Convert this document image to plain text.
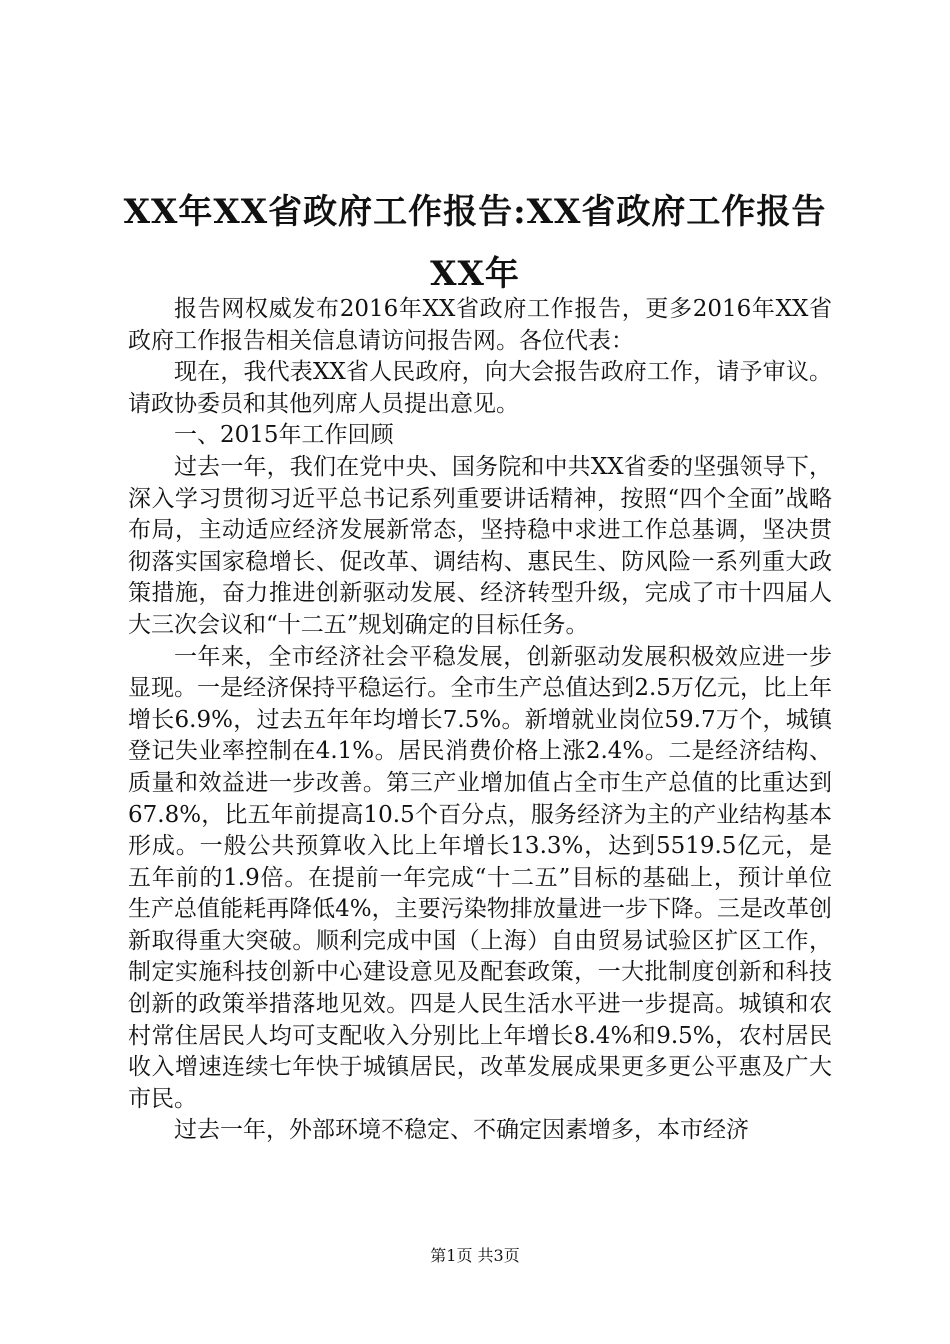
XX年XX省政府工作报告:XX省政府工作报告
XX年

报告网权威发布2016年XX省政府工作报告，更多2016年XX省政府工作报告相关信息请访问报告网。各位代表：

现在，我代表XX省人民政府，向大会报告政府工作，请予审议。请政协委员和其他列席人员提出意见。

一、2015年工作回顾

过去一年，我们在党中央、国务院和中共XX省委的坚强领导下，深入学习贯彻习近平总书记系列重要讲话精神，按照“四个全面”战略布局，主动适应经济发展新常态，坚持稳中求进工作总基调，坚决贯彻落实国家稳增长、促改革、调结构、惠民生、防风险一系列重大政策措施，奋力推进创新驱动发展、经济转型升级，完成了市十四届人大三次会议和“十二五”规划确定的目标任务。

一年来，全市经济社会平稳发展，创新驱动发展积极效应进一步显现。一是经济保持平稳运行。全市生产总值达到2.5万亿元，比上年增长6.9%，过去五年年均增长7.5%。新增就业岗位59.7万个，城镇登记失业率控制在4.1%。居民消费价格上涨2.4%。二是经济结构、质量和效益进一步改善。第三产业增加值占全市生产总值的比重达到67.8%，比五年前提高10.5个百分点，服务经济为主的产业结构基本形成。一般公共预算收入比上年增长13.3%，达到5519.5亿元，是五年前的1.9倍。在提前一年完成“十二五”目标的基础上，预计单位生产总值能耗再降低4%，主要污染物排放量进一步下降。三是改革创新取得重大突破。顺利完成中国（上海）自由贸易试验区扩区工作，制定实施科技创新中心建设意见及配套政策，一大批制度创新和科技创新的政策举措落地见效。四是人民生活水平进一步提高。城镇和农村常住居民人均可支配收入分别比上年增长8.4%和9.5%，农村居民收入增速连续七年快于城镇居民，改革发展成果更多更公平惠及广大市民。

过去一年，外部环境不稳定、不确定因素增多，本市经济

第1页 共3页
